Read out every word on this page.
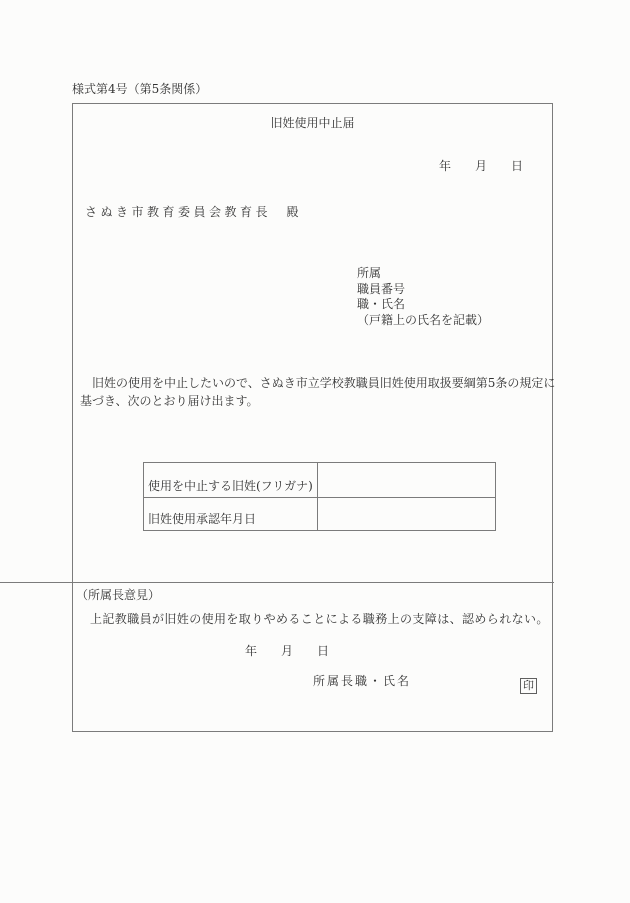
様式第4号（第5条関係）
旧姓使用中止届
年　　月　　日
さぬき市教育委員会教育長　殿
所属
職員番号
職・氏名
（戸籍上の氏名を記載）
　旧姓の使用を中止したいので、さぬき市立学校教職員旧姓使用取扱要綱第5条の規定に
基づき、次のとおり届け出ます。
使用を中止する旧姓(フリガナ)	
旧姓使用承認年月日	
（所属長意見）
上記教職員が旧姓の使用を取りやめることによる職務上の支障は、認められない。
年　　月　　日
所属長職・氏名	印
